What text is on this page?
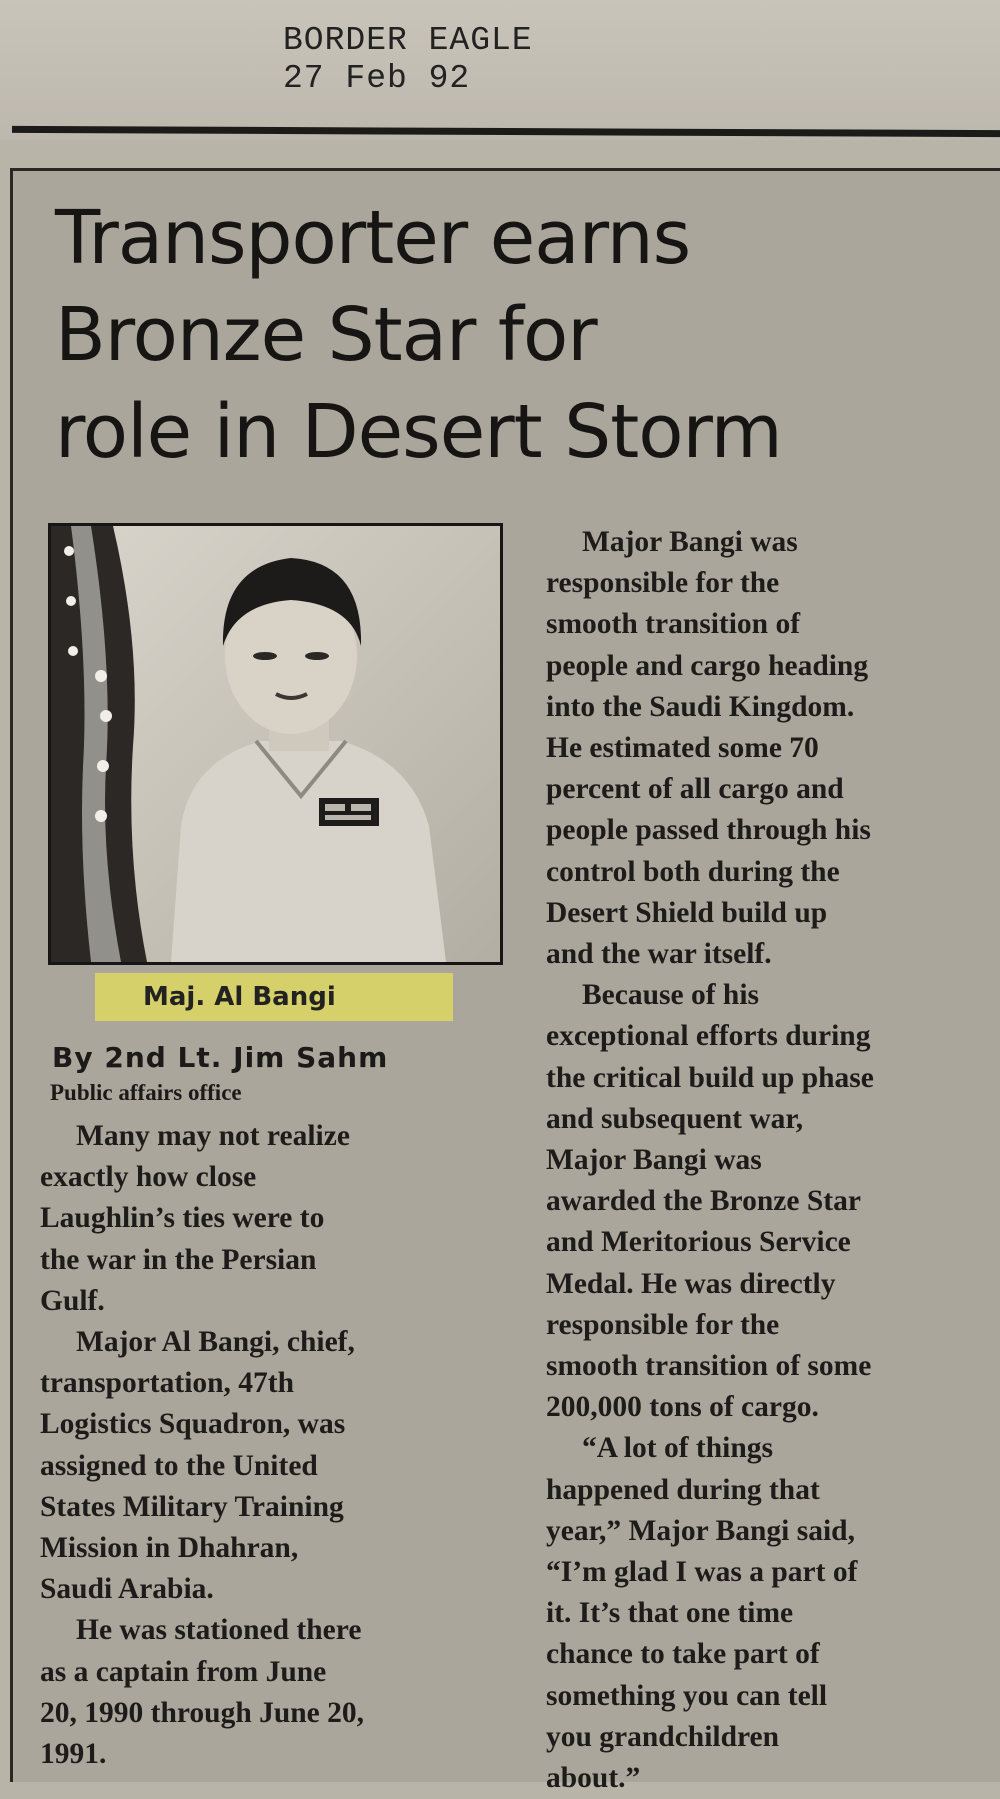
BORDER EAGLE
27 Feb 92
Transporter earns
Bronze Star for
role in Desert Storm
Maj. Al Bangi
By 2nd Lt. Jim Sahm
Public affairs office

Many may not realize
exactly how close
Laughlin’s ties were to
the war in the Persian
Gulf.

Major Al Bangi, chief,
transportation, 47th
Logistics Squadron, was
assigned to the United
States Military Training
Mission in Dhahran,
Saudi Arabia.

He was stationed there
as a captain from June
20, 1990 through June 20,
1991.

Major Bangi was
responsible for the
smooth transition of
people and cargo heading
into the Saudi Kingdom.
He estimated some 70
percent of all cargo and
people passed through his
control both during the
Desert Shield build up
and the war itself.

Because of his
exceptional efforts during
the critical build up phase
and subsequent war,
Major Bangi was
awarded the Bronze Star
and Meritorious Service
Medal. He was directly
responsible for the
smooth transition of some
200,000 tons of cargo.

“A lot of things
happened during that
year,” Major Bangi said,
“I’m glad I was a part of
it. It’s that one time
chance to take part of
something you can tell
you grandchildren
about.”
